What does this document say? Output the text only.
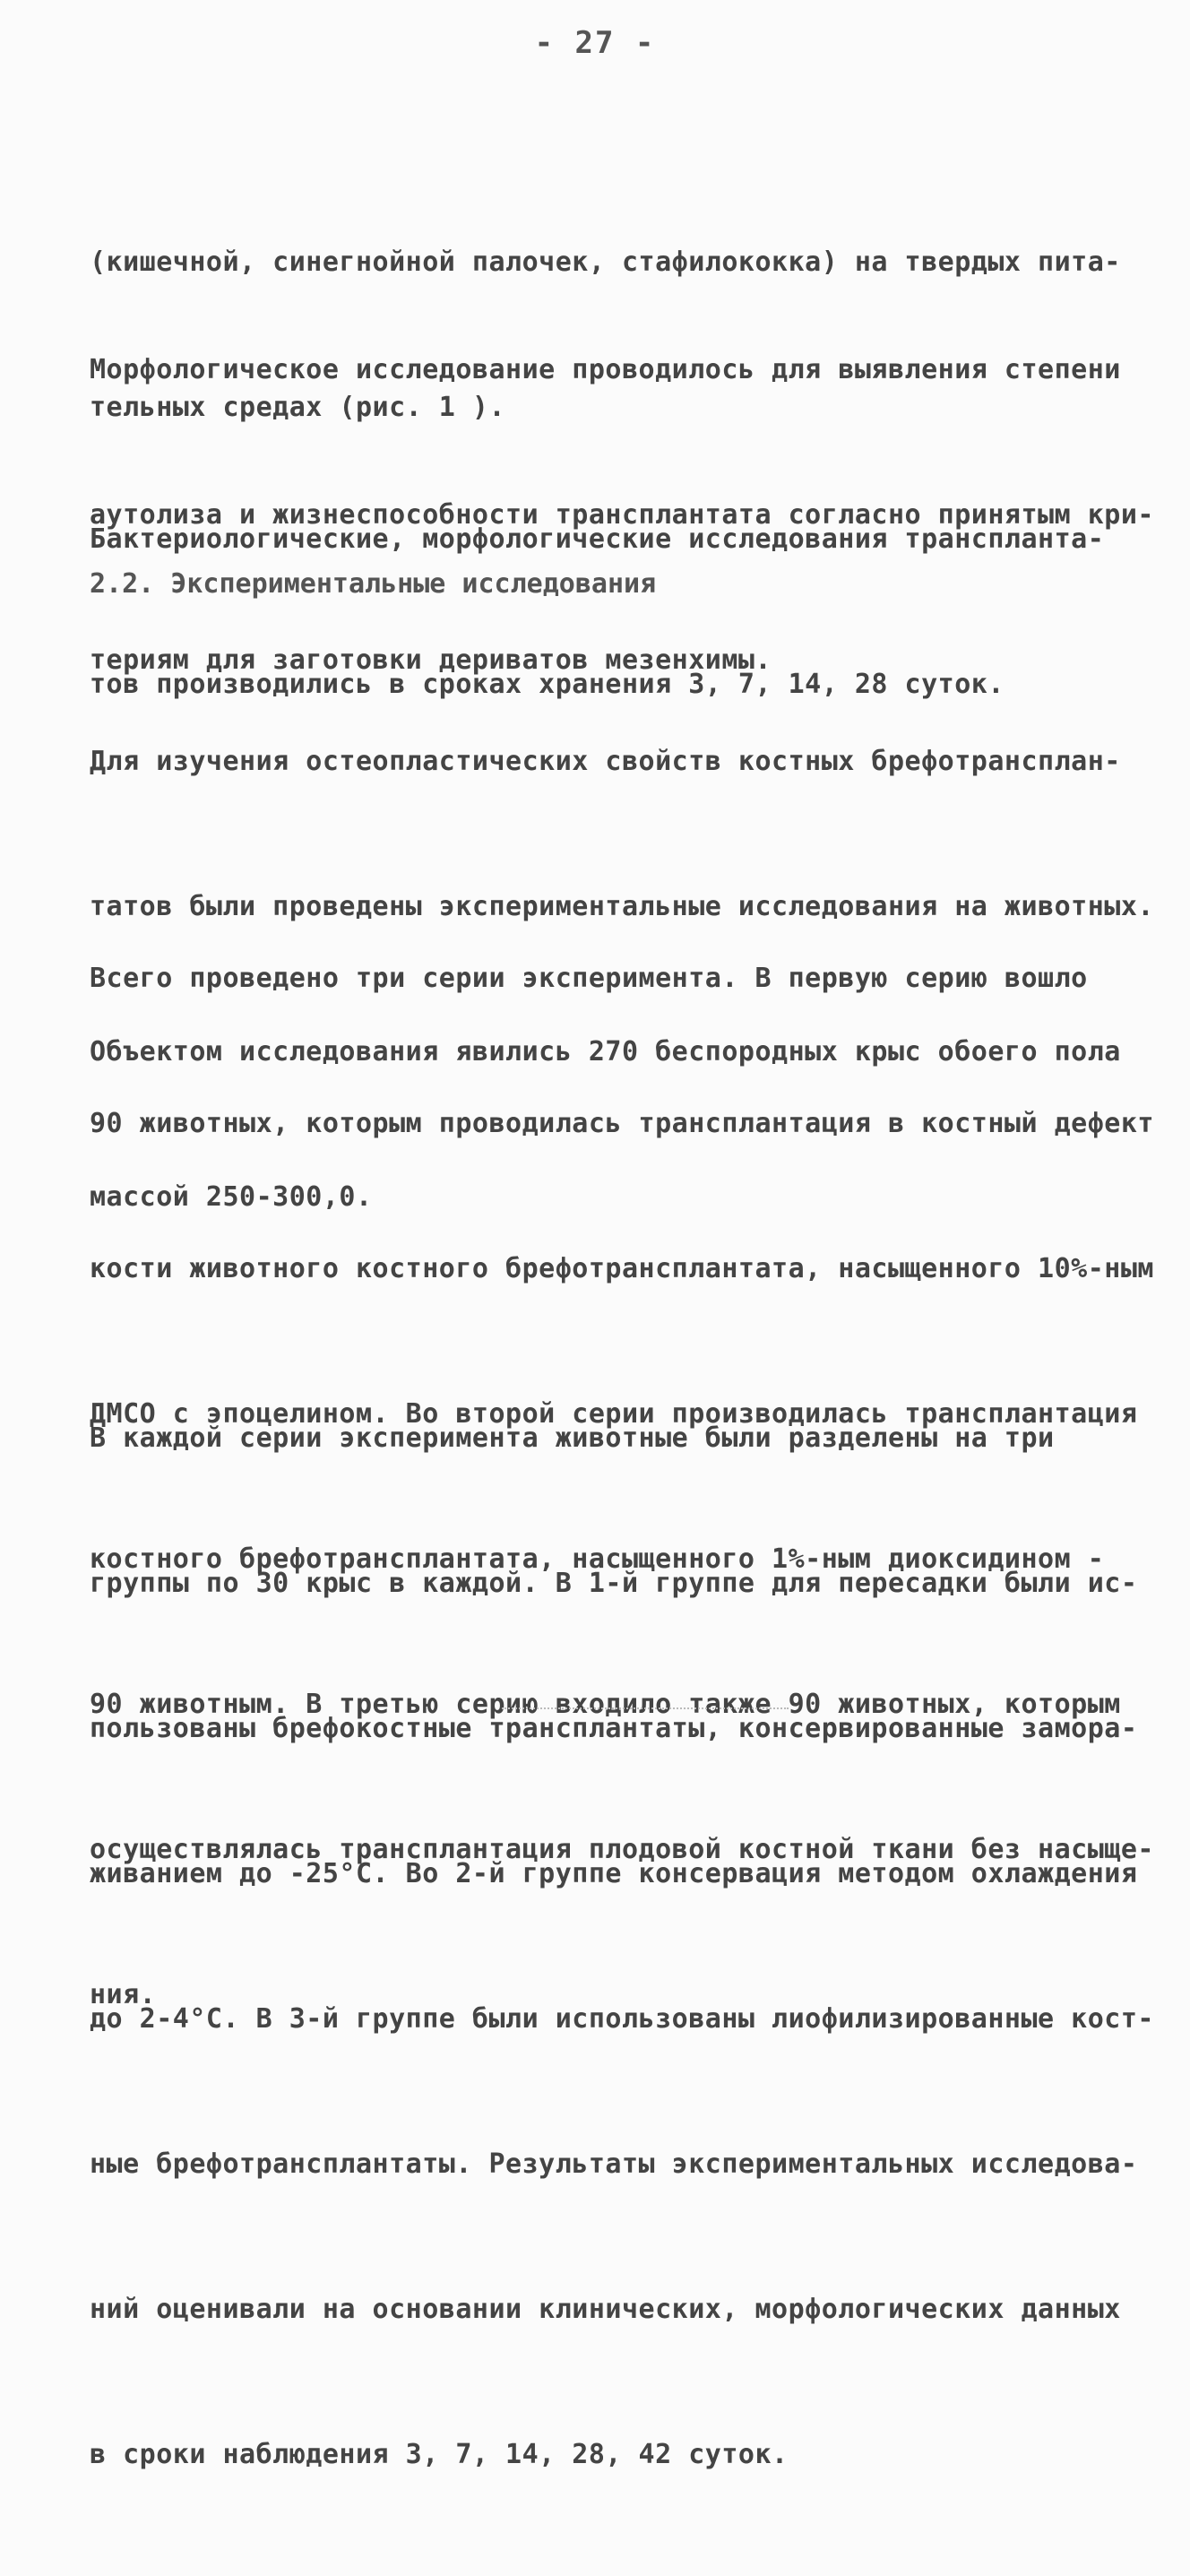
- 27 -

(кишечной, синегнойной палочек, стафилококка) на твердых пита-

тельных средах (рис. 1 ).

Морфологическое исследование проводилось для выявления степени

аутолиза и жизнеспособности трансплантата согласно принятым кри-

териям для заготовки дериватов мезенхимы.

Бактериологические, морфологические исследования транспланта-

тов производились в сроках хранения 3, 7, 14, 28 суток.

2.2. Экспериментальные исследования

Для изучения остеопластических свойств костных брефотрансплан-

татов были проведены экспериментальные исследования на животных.

Объектом исследования явились 270 беспородных крыс обоего пола

массой 250-300,0.

Всего проведено три серии эксперимента. В первую серию вошло

90 животных, которым проводилась трансплантация в костный дефект

кости животного костного брефотрансплантата, насыщенного 10%-ным

ДМСО с эпоцелином. Во второй серии производилась трансплантация

костного брефотрансплантата, насыщенного 1%-ным диоксидином -

90 животным. В третью серию входило также 90 животных, которым

осуществлялась трансплантация плодовой костной ткани без насыще-

ния.

В каждой серии эксперимента животные были разделены на три

группы по 30 крыс в каждой. В 1-й группе для пересадки были ис-

пользованы брефокостные трансплантаты, консервированные заморa-

живанием до -25°С. Во 2-й группе консервация методом охлаждения

до 2-4°С. В 3-й группе были использованы лиофилизированные кост-

ные брефотрансплантаты. Результаты экспериментальных исследова-

ний оценивали на основании клинических, морфологических данных

в сроки наблюдения 3, 7, 14, 28, 42 суток.
